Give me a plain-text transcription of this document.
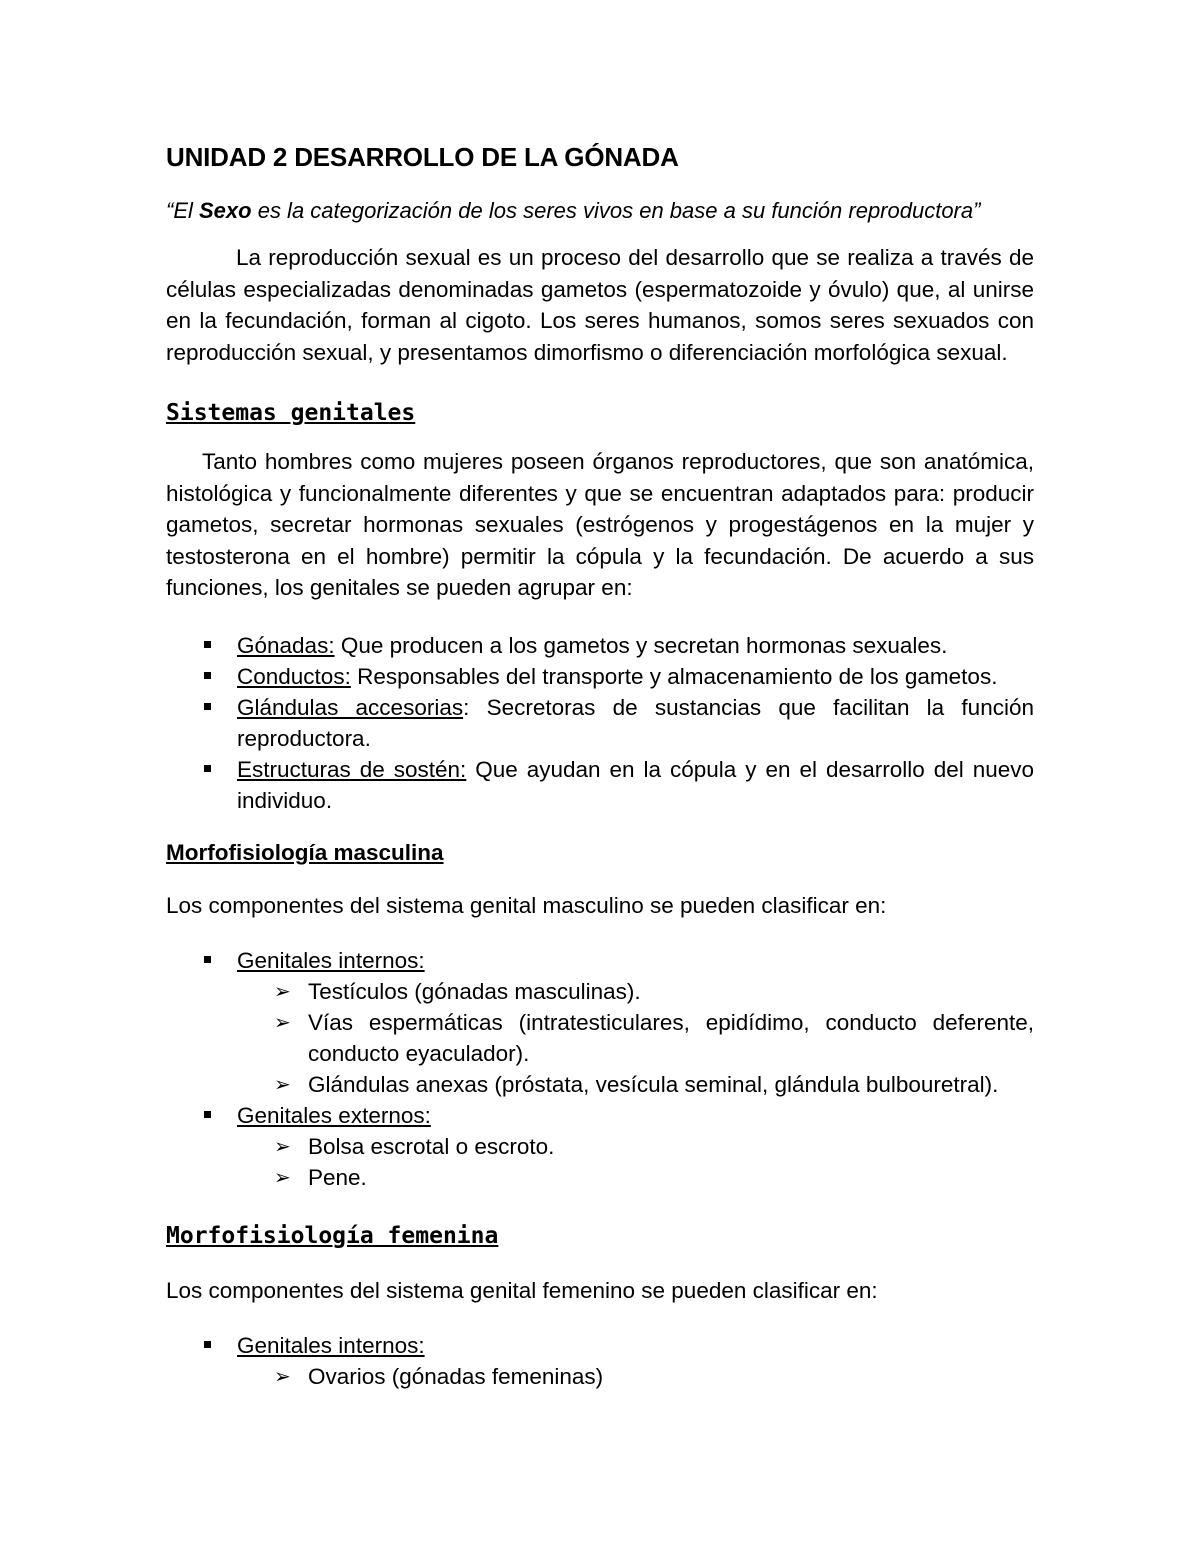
UNIDAD 2 DESARROLLO DE LA GÓNADA

“El Sexo es la categorización de los seres vivos en base a su función reproductora”

La reproducción sexual es un proceso del desarrollo que se realiza a través de células especializadas denominadas gametos (espermatozoide y óvulo) que, al unirse en la fecundación, forman al cigoto. Los seres humanos, somos seres sexuados con reproducción sexual, y presentamos dimorfismo o diferenciación morfológica sexual.

Sistemas genitales

Tanto hombres como mujeres poseen órganos reproductores, que son anatómica, histológica y funcionalmente diferentes y que se encuentran adaptados para: producir gametos, secretar hormonas sexuales (estrógenos y progestágenos en la mujer y testosterona en el hombre) permitir la cópula y la fecundación. De acuerdo a sus funciones, los genitales se pueden agrupar en:

Gónadas: Que producen a los gametos y secretan hormonas sexuales.
Conductos: Responsables del transporte y almacenamiento de los gametos.
Glándulas accesorias: Secretoras de sustancias que facilitan la función reproductora.
Estructuras de sostén: Que ayudan en la cópula y en el desarrollo del nuevo individuo.
Morfofisiología masculina

Los componentes del sistema genital masculino se pueden clasificar en:

Genitales internos:
➢ Testículos (gónadas masculinas).
➢ Vías espermáticas (intratesticulares, epidídimo, conducto deferente, conducto eyaculador).
➢ Glándulas anexas (próstata, vesícula seminal, glándula bulbouretral).
Genitales externos:
➢ Bolsa escrotal o escroto.
➢ Pene.
Morfofisiología femenina

Los componentes del sistema genital femenino se pueden clasificar en:

Genitales internos:
➢ Ovarios (gónadas femeninas)
